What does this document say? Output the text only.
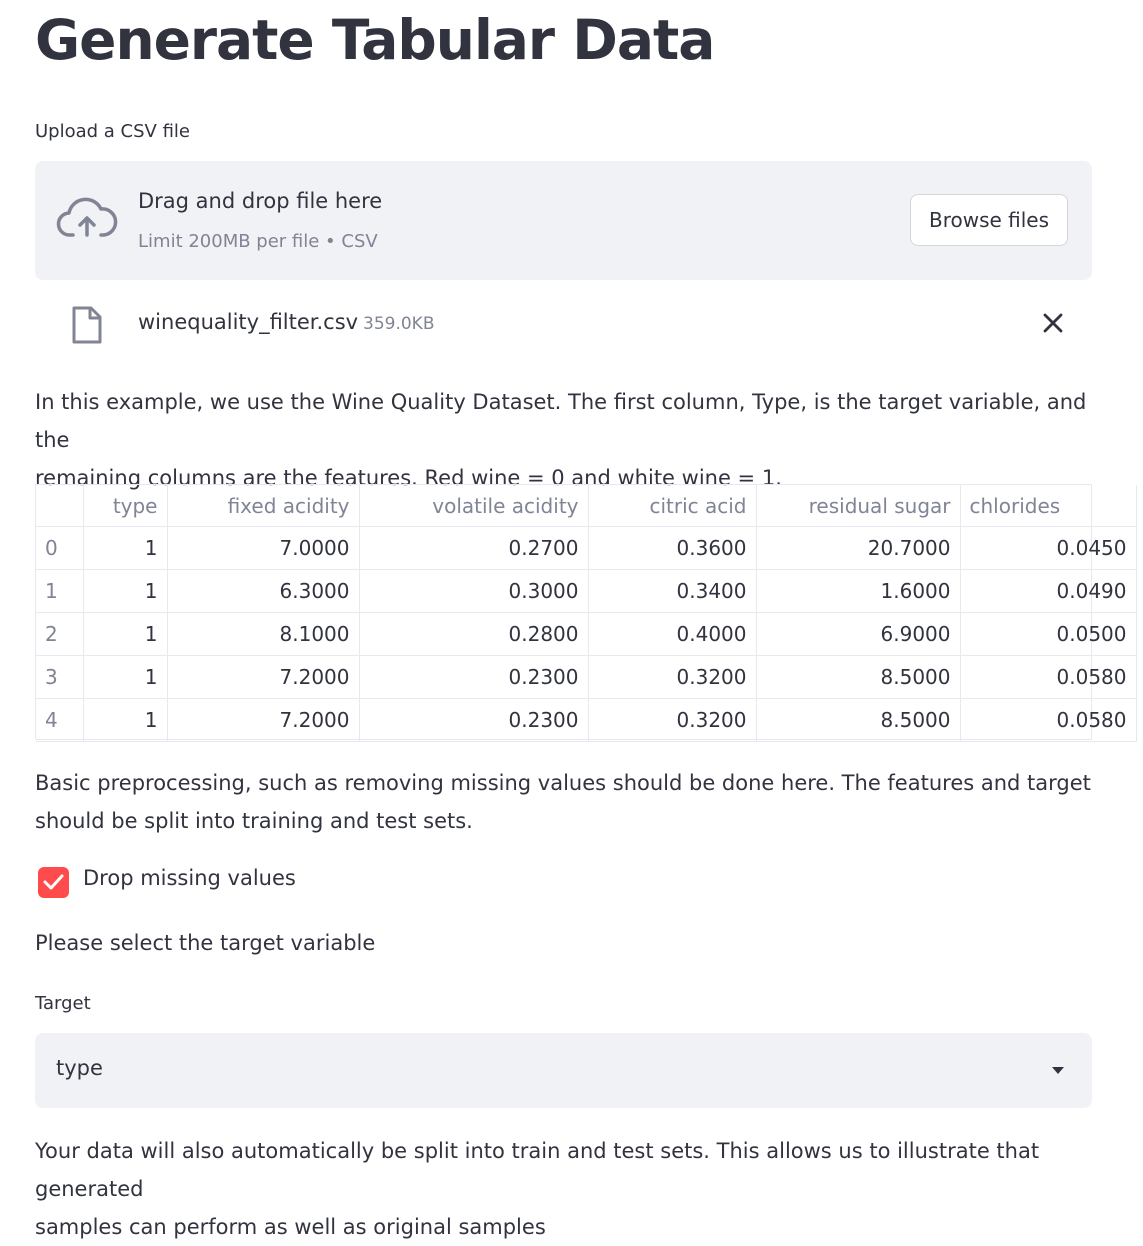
Generate Tabular Data
Upload a CSV file
Drag and drop file here
Limit 200MB per file • CSV
Browse files
winequality_filter.csv 359.0KB

In this example, we use the Wine Quality Dataset. The first column, Type, is the target variable, and the
remaining columns are the features. Red wine = 0 and white wine = 1.

	type	fixed acidity	volatile acidity	citric acid	residual sugar	chlorides
0	1	7.0000	0.2700	0.3600	20.7000	0.0450
1	1	6.3000	0.3000	0.3400	1.6000	0.0490
2	1	8.1000	0.2800	0.4000	6.9000	0.0500
3	1	7.2000	0.2300	0.3200	8.5000	0.0580
4	1	7.2000	0.2300	0.3200	8.5000	0.0580

Basic preprocessing, such as removing missing values should be done here. The features and target
should be split into training and test sets.

Drop missing values
Please select the target variable
Target
type

Your data will also automatically be split into train and test sets. This allows us to illustrate that generated
samples can perform as well as original samples
